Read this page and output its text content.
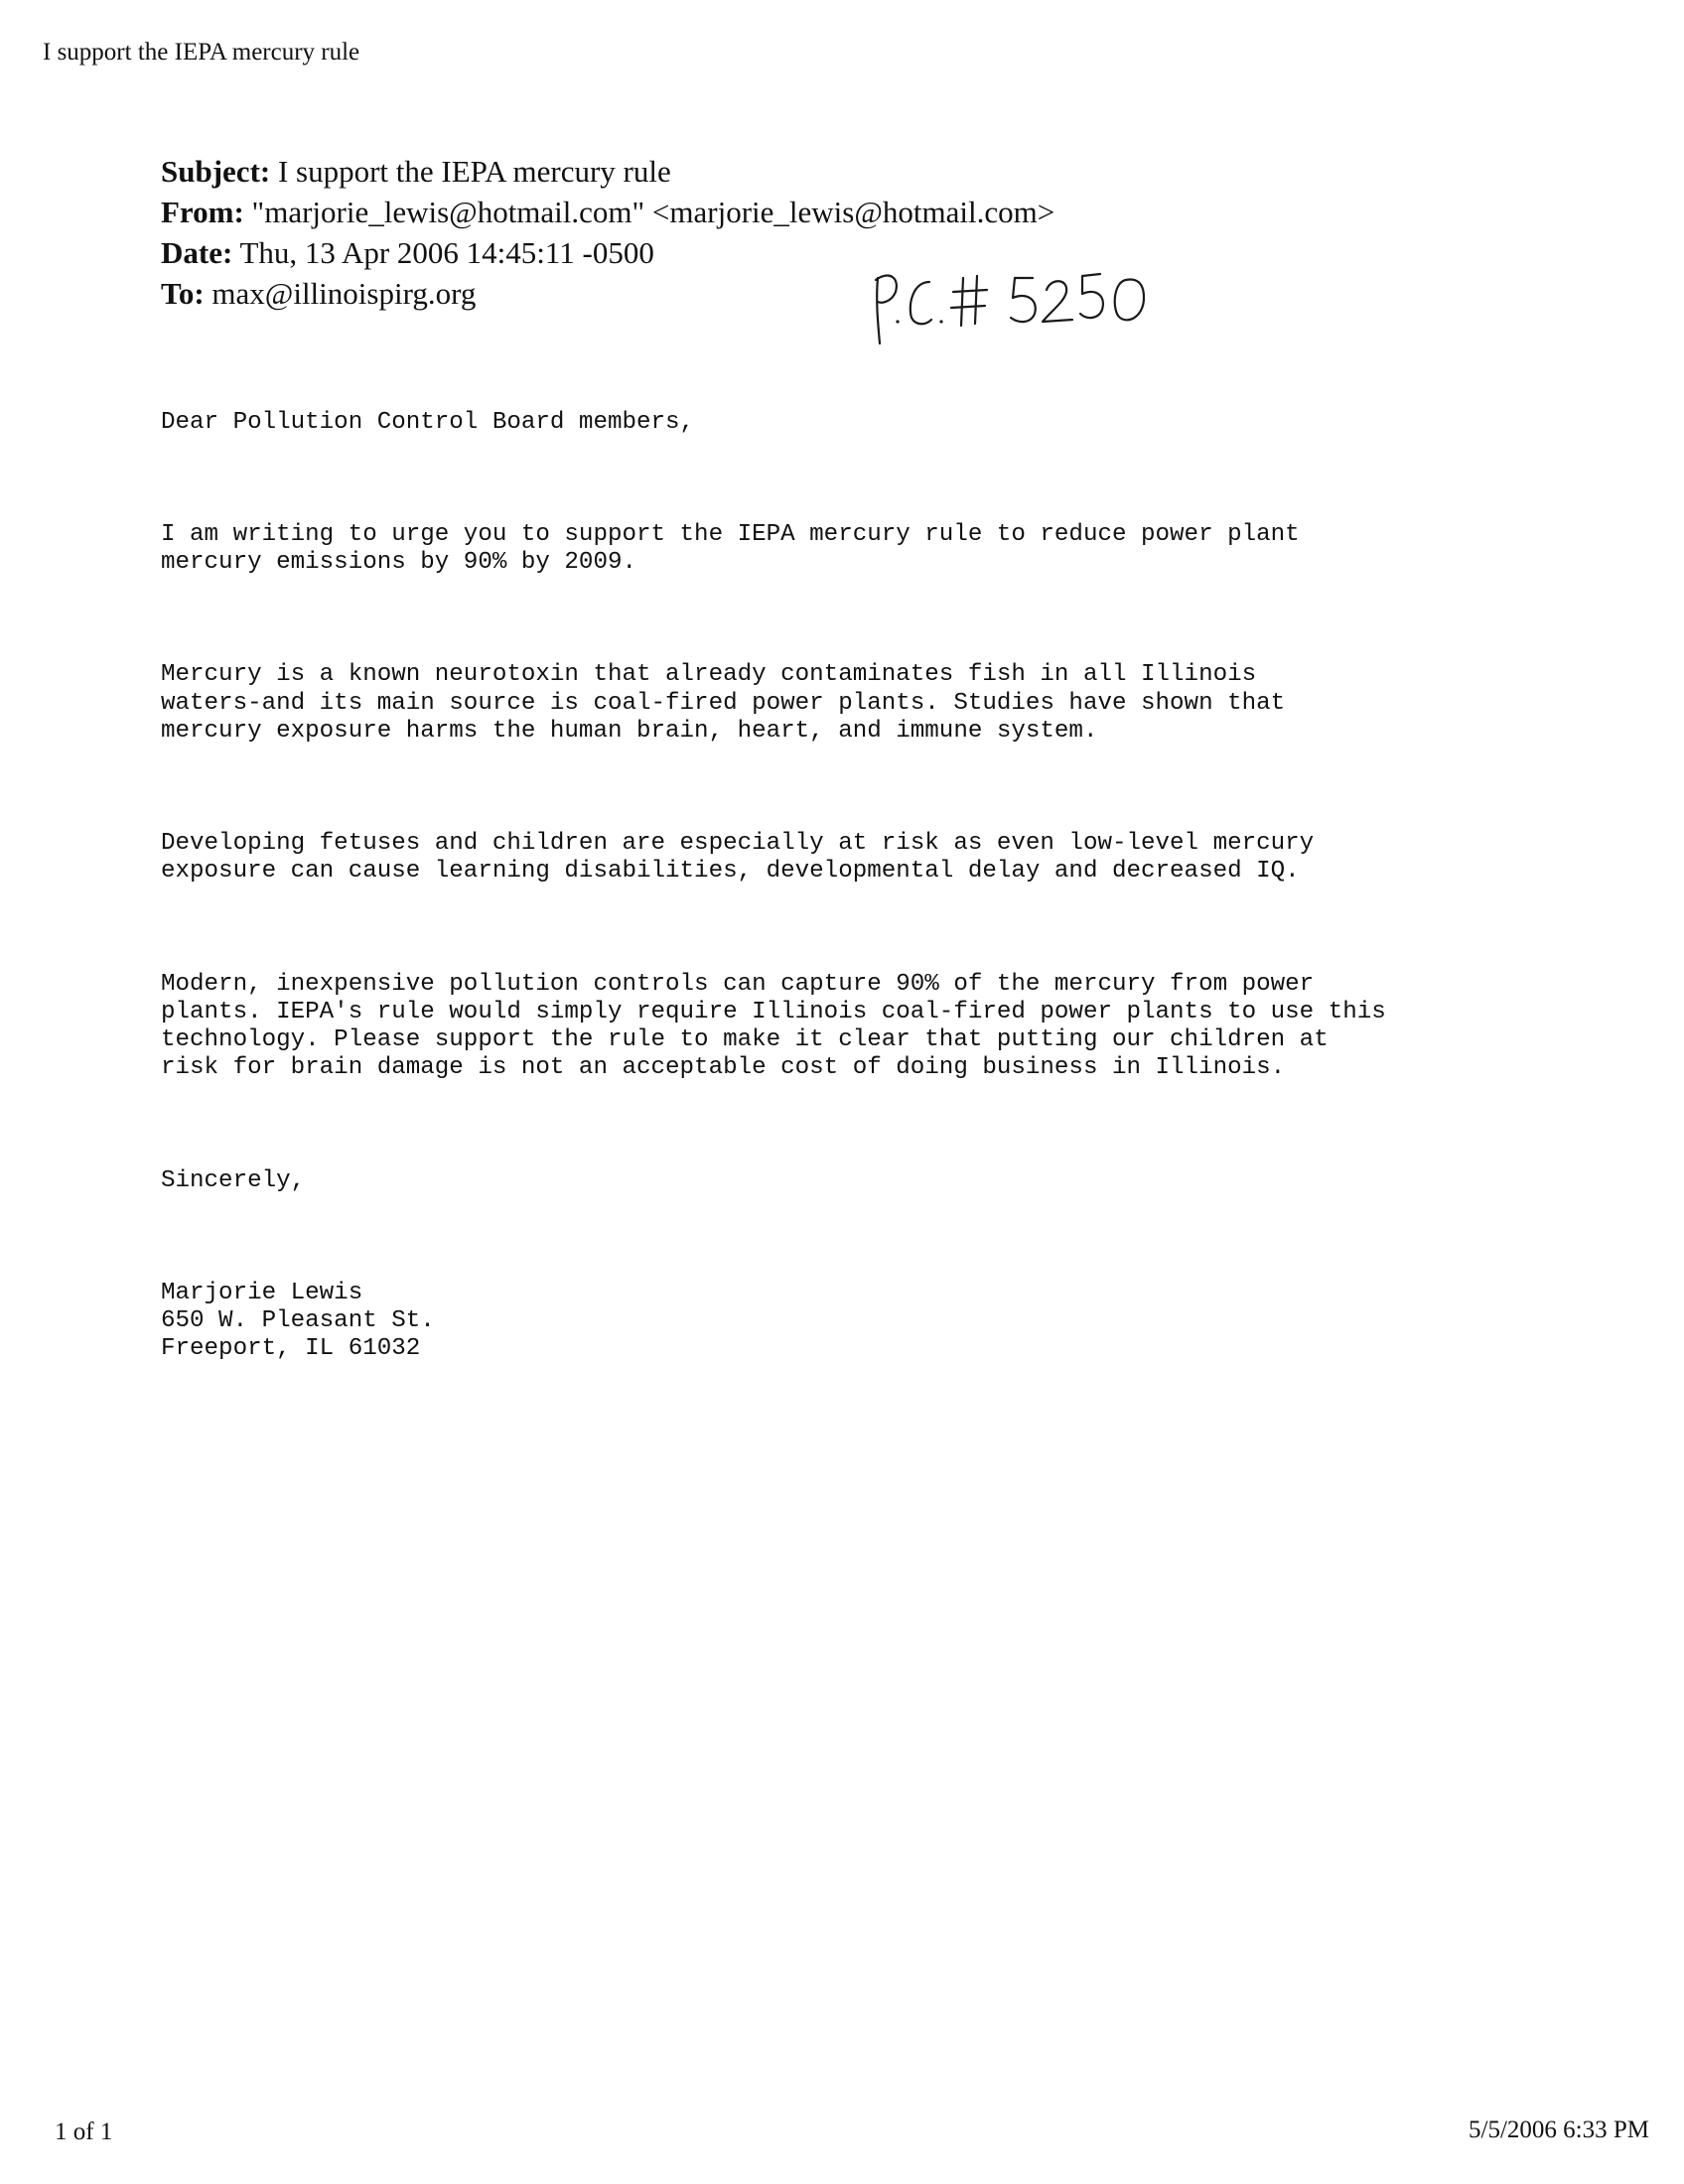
I support the IEPA mercury rule
Subject: I support the IEPA mercury rule
From: "marjorie_lewis@hotmail.com" <marjorie_lewis@hotmail.com>
Date: Thu, 13 Apr 2006 14:45:11 -0500
To: max@illinoispirg.org

Dear Pollution Control Board members,

I am writing to urge you to support the IEPA mercury rule to reduce power plant
mercury emissions by 90% by 2009.

Mercury is a known neurotoxin that already contaminates fish in all Illinois
waters-and its main source is coal-fired power plants. Studies have shown that
mercury exposure harms the human brain, heart, and immune system.

Developing fetuses and children are especially at risk as even low-level mercury
exposure can cause learning disabilities, developmental delay and decreased IQ.

Modern, inexpensive pollution controls can capture 90% of the mercury from power
plants. IEPA's rule would simply require Illinois coal-fired power plants to use this
technology. Please support the rule to make it clear that putting our children at
risk for brain damage is not an acceptable cost of doing business in Illinois.

Sincerely,

Marjorie Lewis
650 W. Pleasant St.
Freeport, IL 61032

1 of 1	5/5/2006 6:33 PM
